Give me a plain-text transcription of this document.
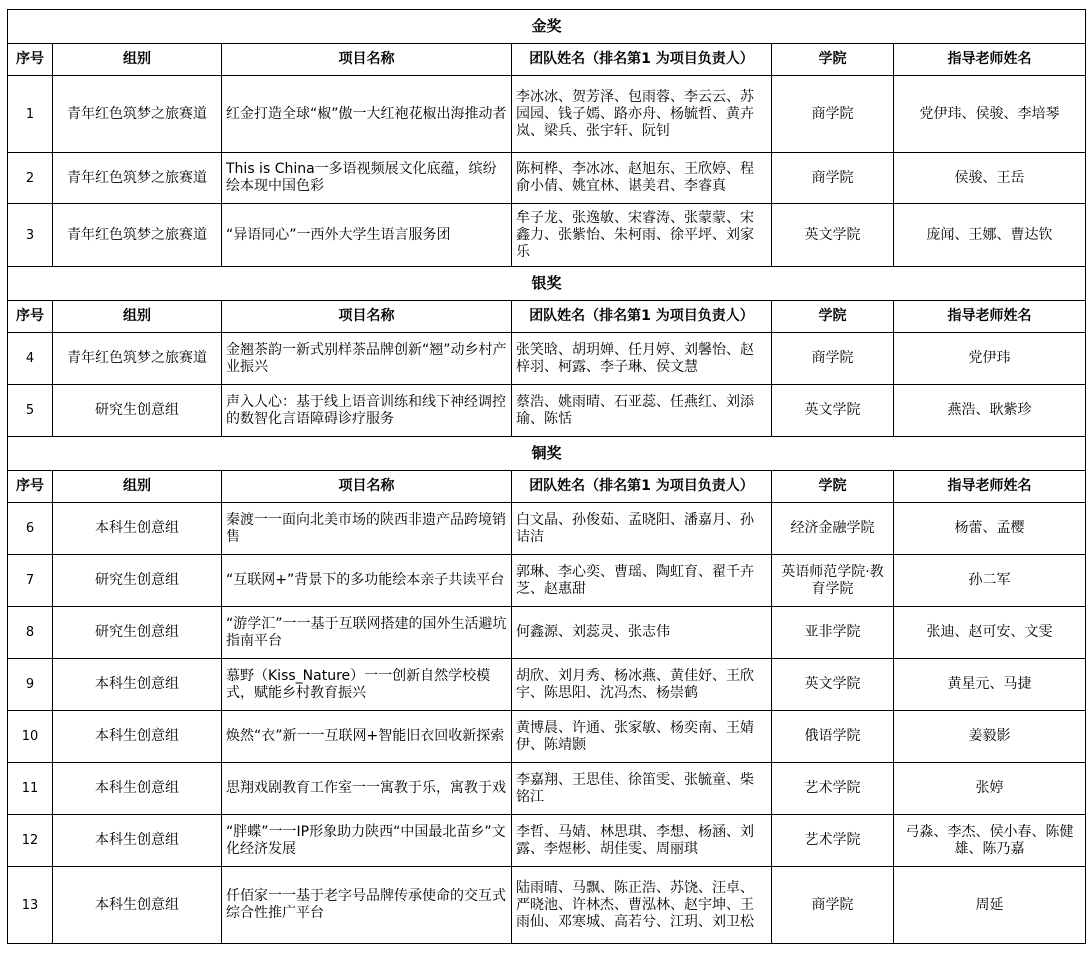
金奖					
序号	组别	项目名称	团队姓名（排名第1 为项目负责人）	学院	指导老师姓名
1	青年红色筑梦之旅赛道	红金打造全球“椒”傲一大红袍花椒出海推动者	李冰冰、贺芳泽、包雨蓉、李云云、苏园园、钱子嫣、路亦舟、杨毓哲、黄卉岚、梁兵、张宇轩、阮钊	商学院	党伊玮、侯骏、李培琴
2	青年红色筑梦之旅赛道	This is China一多语视频展文化底蕴，缤纷绘本现中国色彩	陈柯桦、李冰冰、赵旭东、王欣婷、程俞小倩、姚宜林、谌美君、李睿真	商学院	侯骏、王岳
3	青年红色筑梦之旅赛道	“异语同心”一西外大学生语言服务团	牟子龙、张逸敏、宋睿涛、张蒙蒙、宋鑫力、张紫怡、朱柯雨、徐平坪、刘家乐	英文学院	庞闻、王娜、曹达钦
银奖					
序号	组别	项目名称	团队姓名（排名第1 为项目负责人）	学院	指导老师姓名
4	青年红色筑梦之旅赛道	金翘茶韵一新式别样茶品牌创新“翘”动乡村产业振兴	张笑晗、胡玥婵、任月婷、刘馨怡、赵梓羽、柯露、李子琳、侯文慧	商学院	党伊玮
5	研究生创意组	声入人心：基于线上语音训练和线下神经调控的数智化言语障碍诊疗服务	蔡浩、姚雨晴、石亚蕊、任燕红、刘添瑜、陈恬	英文学院	燕浩、耿紫珍
铜奖					
序号	组别	项目名称	团队姓名（排名第1 为项目负责人）	学院	指导老师姓名
6	本科生创意组	秦渡一一面向北美市场的陕西非遗产品跨境销售	白文晶、孙俊茹、孟晓阳、潘嘉月、孙诘洁	经济金融学院	杨蕾、孟樱
7	研究生创意组	“互联网+”背景下的多功能绘本亲子共读平台	郭琳、李心奕、曹瑶、陶虹育、翟千卉芝、赵惠甜	英语师范学院·教育学院	孙二军
8	研究生创意组	“游学汇”一一基于互联网搭建的国外生活避坑指南平台	何鑫源、刘蕊灵、张志伟	亚非学院	张迪、赵可安、文雯
9	本科生创意组	慕野（Kiss_Nature）一一创新自然学校模式，赋能乡村教育振兴	胡欣、刘月秀、杨冰燕、黄佳妤、王欣宇、陈思阳、沈冯杰、杨崇鹤	英文学院	黄星元、马捷
10	本科生创意组	焕然“衣”新一一互联网+智能旧衣回收新探索	黄博晨、许通、张家敏、杨奕南、王婧伊、陈靖颢	俄语学院	姜毅影
11	本科生创意组	思翔戏剧教育工作室一一寓教于乐，寓教于戏	李嘉翔、王思佳、徐笛雯、张毓童、柴铭江	艺术学院	张婷
12	本科生创意组	“胖蝶”一一IP形象助力陕西“中国最北苗乡”文化经济发展	李哲、马婧、林思琪、李想、杨涵、刘露、李煜彬、胡佳雯、周丽琪	艺术学院	弓淼、李杰、侯小春、陈健雄、陈乃嘉
13	本科生创意组	仟佰家一一基于老字号品牌传承使命的交互式综合性推广平台	陆雨晴、马飘、陈正浩、苏饶、汪卓、严晓池、许林杰、曹泓林、赵宇坤、王雨仙、邓寒城、高若兮、江玥、刘卫松	商学院	周延
